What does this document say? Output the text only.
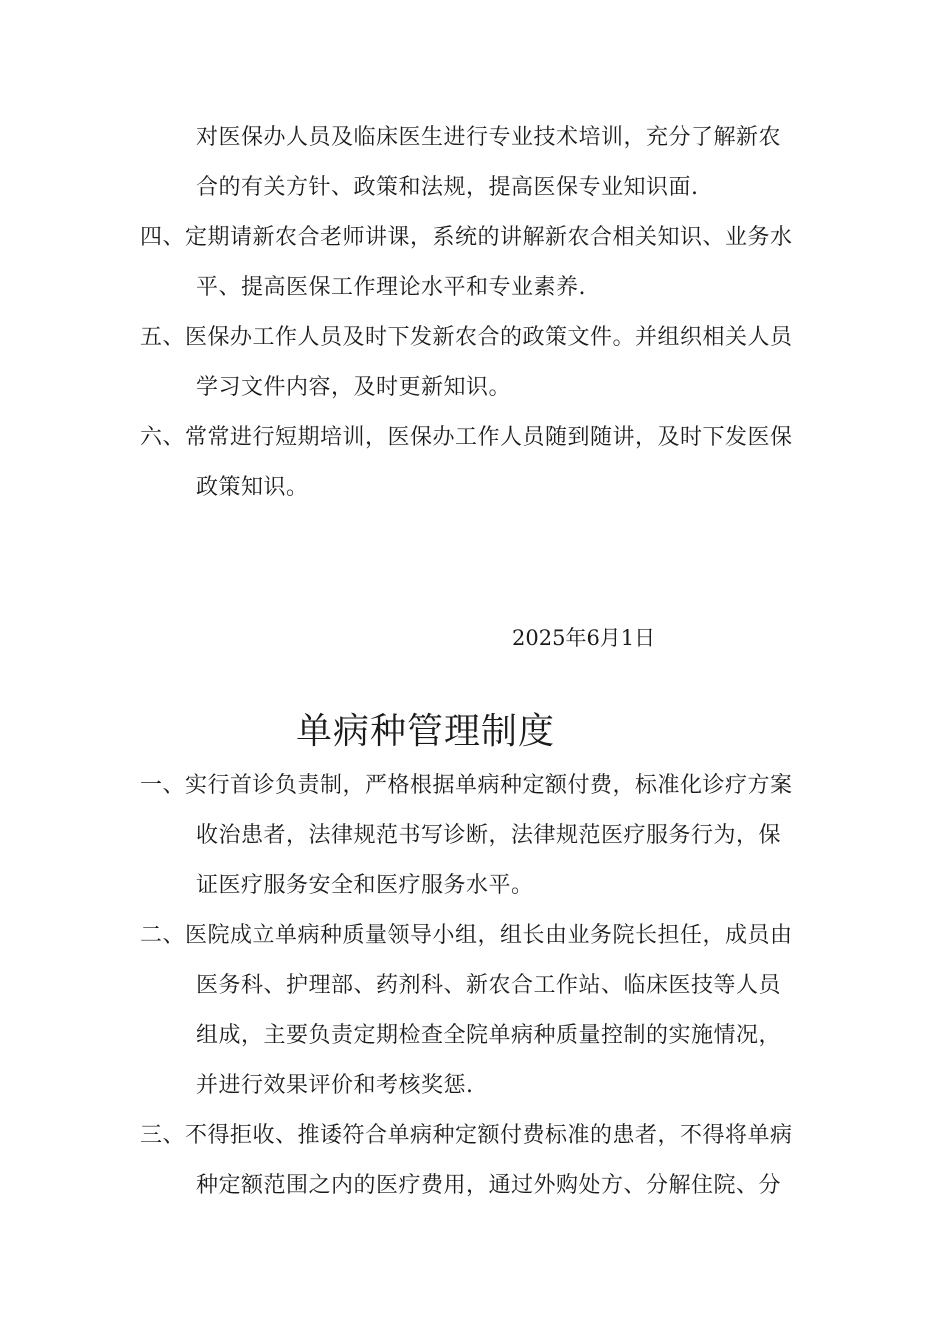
对医保办人员及临床医生进行专业技术培训，充分了解新农
合的有关方针、政策和法规，提高医保专业知识面.
四、定期请新农合老师讲课，系统的讲解新农合相关知识、业务水
平、提高医保工作理论水平和专业素养.
五、医保办工作人员及时下发新农合的政策文件。并组织相关人员
学习文件内容，及时更新知识。
六、常常进行短期培训，医保办工作人员随到随讲，及时下发医保
政策知识。
2025年6月1日
单病种管理制度
一、实行首诊负责制，严格根据单病种定额付费，标准化诊疗方案
收治患者，法律规范书写诊断，法律规范医疗服务行为，保
证医疗服务安全和医疗服务水平。
二、医院成立单病种质量领导小组，组长由业务院长担任，成员由
医务科、护理部、药剂科、新农合工作站、临床医技等人员
组成，主要负责定期检查全院单病种质量控制的实施情况，
并进行效果评价和考核奖惩.
三、不得拒收、推诿符合单病种定额付费标准的患者，不得将单病
种定额范围之内的医疗费用，通过外购处方、分解住院、分
